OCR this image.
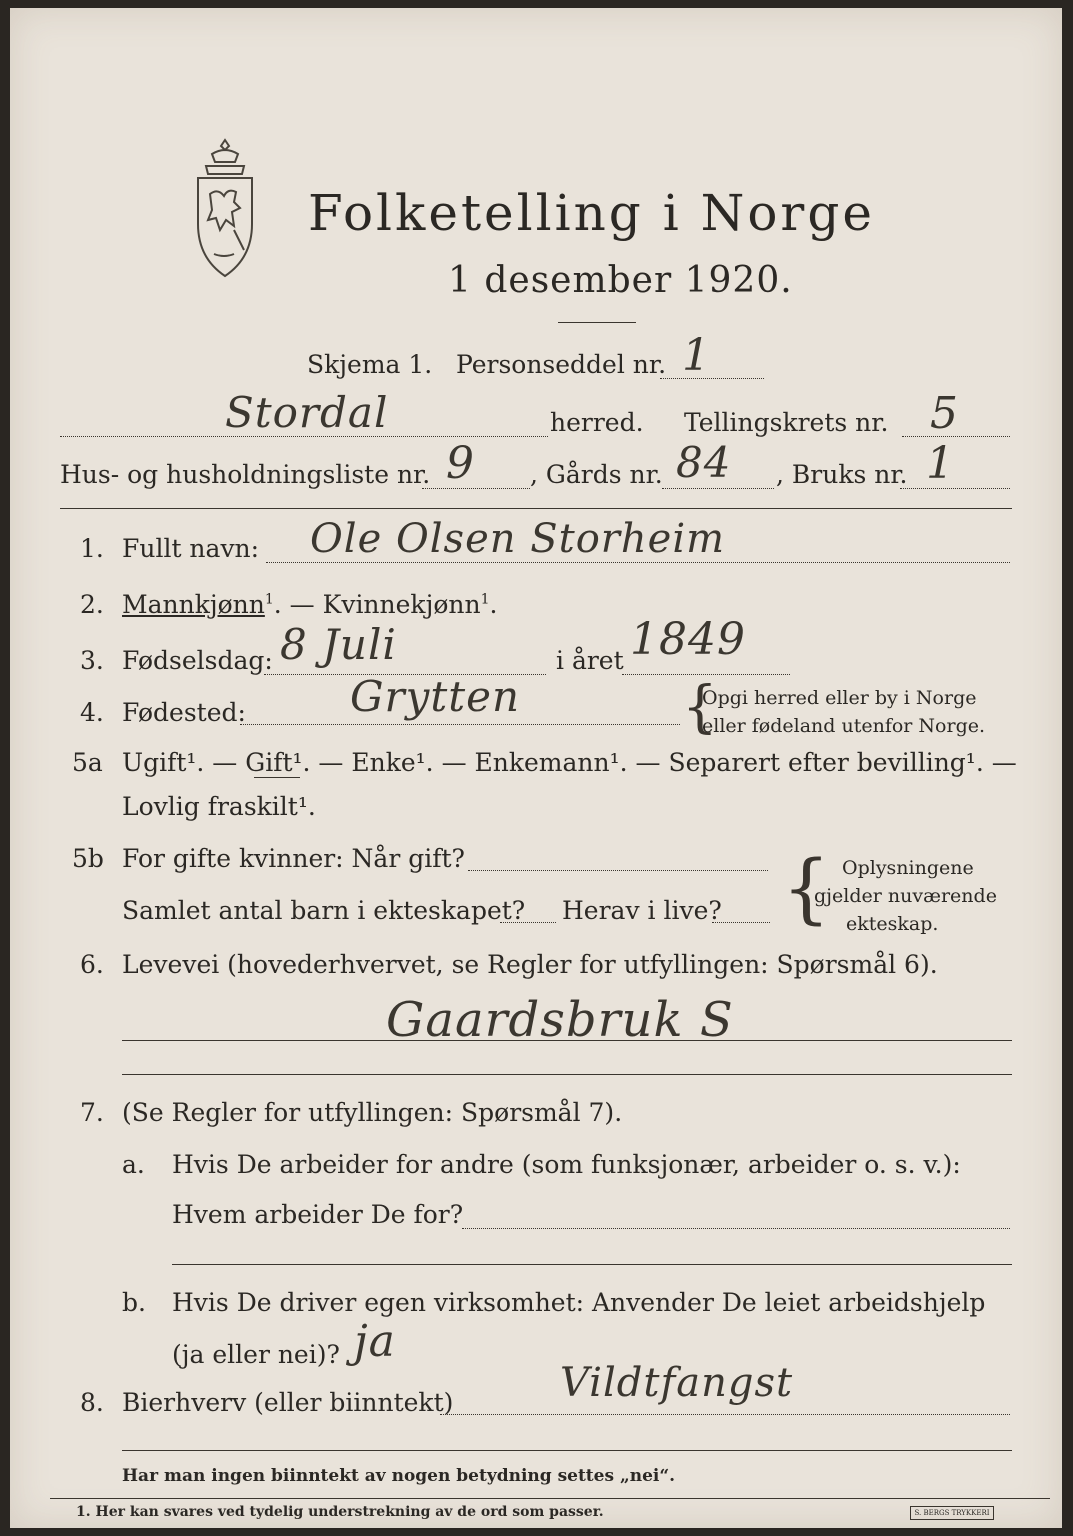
Folketelling i Norge
1 desember 1920.
Skjema 1. Personseddel nr. 1
Stordal	herred. Tellingskrets nr. 5
Hus- og husholdningsliste nr. 9 , Gårds nr. 84 , Bruks nr. 1
1. Fullt navn: Ole Olsen Storheim
2. Mannkjønn$^1$. — Kvinnekjønn$^1$.
3. Fødselsdag: 8 Juli	i året 1849
4. Fødested: Grytten	{
Opgi herred eller by i Norge
eller fødeland utenfor Norge.
5a Ugift¹. — Gift¹. — Enke¹. — Enkemann¹. — Separert efter bevilling¹. —
Lovlig fraskilt¹.
5b For gifte kvinner: Når gift?
Samlet antal barn i ekteskapet? Herav i live? { Oplysningene
gjelder nuværende
ekteskap.
6. Levevei (hovederhvervet, se Regler for utfyllingen: Spørsmål 6).
Gaardsbruk S
7. (Se Regler for utfyllingen: Spørsmål 7).
a. Hvis De arbeider for andre (som funksjonær, arbeider o. s. v.):
Hvem arbeider De for?
b. Hvis De driver egen virksomhet: Anvender De leiet arbeidshjelp
(ja eller nei)? ja
8. Bierhverv (eller biinntekt)	Vildtfangst
Har man ingen biinntekt av nogen betydning settes „nei“.
1. Her kan svares ved tydelig understrekning av de ord som passer.	S. BERGS TRYKKERI
